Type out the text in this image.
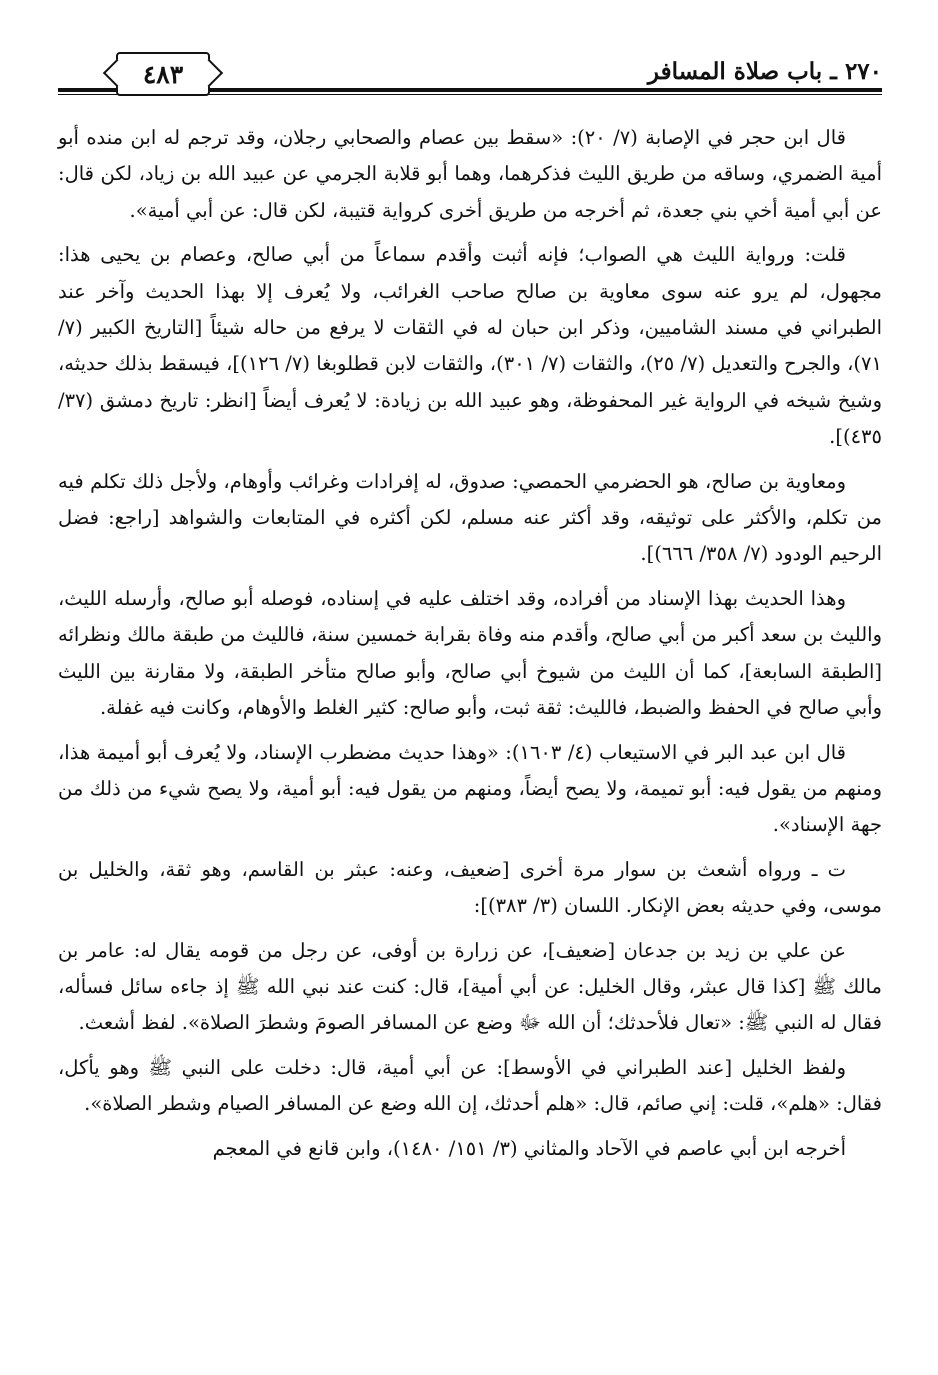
٢٧٠ ـ باب صلاة المسافر
٤٨٣

قال ابن حجر في الإصابة (٧/ ٢٠): «سقط بين عصام والصحابي رجلان، وقد ترجم له ابن منده أبو أمية الضمري، وساقه من طريق الليث فذكرهما، وهما أبو قلابة الجرمي عن عبيد الله بن زياد، لكن قال: عن أبي أمية أخي بني جعدة، ثم أخرجه من طريق أخرى كرواية قتيبة، لكن قال: عن أبي أمية».

قلت: ورواية الليث هي الصواب؛ فإنه أثبت وأقدم سماعاً من أبي صالح، وعصام بن يحيى هذا: مجهول، لم يرو عنه سوى معاوية بن صالح صاحب الغرائب، ولا يُعرف إلا بهذا الحديث وآخر عند الطبراني في مسند الشاميين، وذكر ابن حبان له في الثقات لا يرفع من حاله شيئاً [التاريخ الكبير (٧/ ٧١)، والجرح والتعديل (٧/ ٢٥)، والثقات (٧/ ٣٠١)، والثقات لابن قطلوبغا (٧/ ١٢٦)]، فيسقط بذلك حديثه، وشيخ شيخه في الرواية غير المحفوظة، وهو عبيد الله بن زيادة: لا يُعرف أيضاً [انظر: تاريخ دمشق (٣٧/ ٤٣٥)].

ومعاوية بن صالح، هو الحضرمي الحمصي: صدوق، له إفرادات وغرائب وأوهام، ولأجل ذلك تكلم فيه من تكلم، والأكثر على توثيقه، وقد أكثر عنه مسلم، لكن أكثره في المتابعات والشواهد [راجع: فضل الرحيم الودود (٧/ ٣٥٨/ ٦٦٦)].

وهذا الحديث بهذا الإسناد من أفراده، وقد اختلف عليه في إسناده، فوصله أبو صالح، وأرسله الليث، والليث بن سعد أكبر من أبي صالح، وأقدم منه وفاة بقرابة خمسين سنة، فالليث من طبقة مالك ونظرائه [الطبقة السابعة]، كما أن الليث من شيوخ أبي صالح، وأبو صالح متأخر الطبقة، ولا مقارنة بين الليث وأبي صالح في الحفظ والضبط، فالليث: ثقة ثبت، وأبو صالح: كثير الغلط والأوهام، وكانت فيه غفلة.

قال ابن عبد البر في الاستيعاب (٤/ ١٦٠٣): «وهذا حديث مضطرب الإسناد، ولا يُعرف أبو أميمة هذا، ومنهم من يقول فيه: أبو تميمة، ولا يصح أيضاً، ومنهم من يقول فيه: أبو أمية، ولا يصح شيء من ذلك من جهة الإسناد».

ت ـ ورواه أشعث بن سوار مرة أخرى [ضعيف، وعنه: عبثر بن القاسم، وهو ثقة، والخليل بن موسى، وفي حديثه بعض الإنكار. اللسان (٣/ ٣٨٣)]:

عن علي بن زيد بن جدعان [ضعيف]، عن زرارة بن أوفى، عن رجل من قومه يقال له: عامر بن مالك ﷺ [كذا قال عبثر، وقال الخليل: عن أبي أمية]، قال: كنت عند نبي الله ﷺ إذ جاءه سائل فسأله، فقال له النبي ﷺ: «تعال فلأحدثك؛ أن الله ﷻ وضع عن المسافر الصومَ وشطرَ الصلاة». لفظ أشعث.

ولفظ الخليل [عند الطبراني في الأوسط]: عن أبي أمية، قال: دخلت على النبي ﷺ وهو يأكل، فقال: «هلم»، قلت: إني صائم، قال: «هلم أحدثك، إن الله وضع عن المسافر الصيام وشطر الصلاة».

أخرجه ابن أبي عاصم في الآحاد والمثاني (٣/ ١٥١/ ١٤٨٠)، وابن قانع في المعجم
